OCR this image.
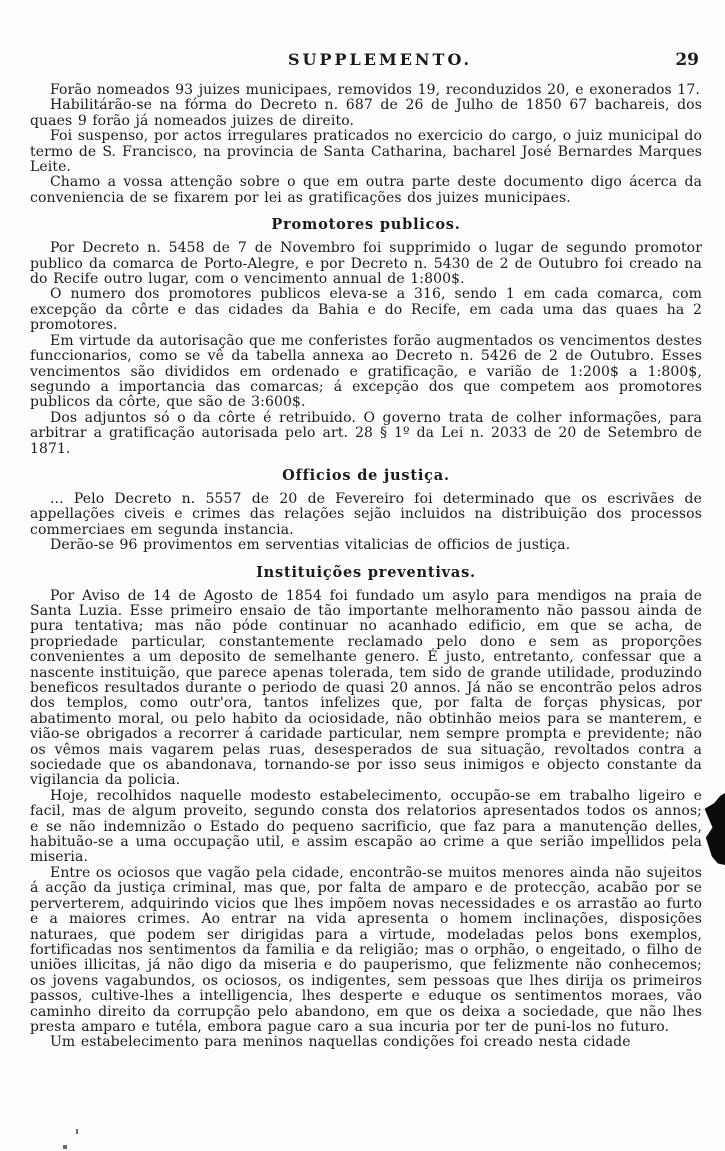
SUPPLEMENTO.	29

Forão nomeados 93 juizes municipaes, removidos 19, reconduzidos 20, e exonerados 17.

Habilitárão-se na fórma do Decreto n. 687 de 26 de Julho de 1850 67 bachareis, dos quaes 9 forão já nomeados juizes de direito.

Foi suspenso, por actos irregulares praticados no exercicio do cargo, o juiz municipal do termo de S. Francisco, na provincia de Santa Catharina, bacharel José Bernardes Marques Leite.

Chamo a vossa attenção sobre o que em outra parte deste documento digo ácerca da conveniencia de se fixarem por lei as gratificações dos juizes municipaes.

Promotores publicos.

Por Decreto n. 5458 de 7 de Novembro foi supprimido o lugar de segundo promotor publico da comarca de Porto-Alegre, e por Decreto n. 5430 de 2 de Outubro foi creado na do Recife outro lugar, com o vencimento annual de 1:800$.

O numero dos promotores publicos eleva-se a 316, sendo 1 em cada comarca, com excepção da côrte e das cidades da Bahia e do Recife, em cada uma das quaes ha 2 promotores.

Em virtude da autorisação que me conferistes forão augmentados os vencimentos destes funccionarios, como se vê da tabella annexa ao Decreto n. 5426 de 2 de Outubro. Esses vencimentos são divididos em ordenado e gratificação, e varião de 1:200$ a 1:800$, segundo a importancia das comarcas; á excepção dos que competem aos promotores publicos da côrte, que são de 3:600$.

Dos adjuntos só o da côrte é retribuido. O governo trata de colher informações, para arbitrar a gratificação autorisada pelo art. 28 § 1º da Lei n. 2033 de 20 de Setembro de 1871.

Officios de justiça.

... Pelo Decreto n. 5557 de 20 de Fevereiro foi determinado que os escrivães de appellações civeis e crimes das relações sejão incluidos na distribuição dos processos commerciaes em segunda instancia.

Derão-se 96 provimentos em serventias vitalicias de officios de justiça.

Instituições preventivas.

Por Aviso de 14 de Agosto de 1854 foi fundado um asylo para mendigos na praia de Santa Luzia. Esse primeiro ensaio de tão importante melhoramento não passou ainda de pura tentativa; mas não póde continuar no acanhado edificio, em que se acha, de propriedade particular, constantemente reclamado pelo dono e sem as proporções convenientes a um deposito de semelhante genero. É justo, entretanto, confessar que a nascente instituição, que parece apenas tolerada, tem sido de grande utilidade, produzindo beneficos resultados durante o periodo de quasi 20 annos. Já não se encontrão pelos adros dos templos, como outr'ora, tantos infelizes que, por falta de forças physicas, por abatimento moral, ou pelo habito da ociosidade, não obtinhão meios para se manterem, e vião-se obrigados a recorrer á caridade particular, nem sempre prompta e previdente; não os vêmos mais vagarem pelas ruas, desesperados de sua situação, revoltados contra a sociedade que os abandonava, tornando-se por isso seus inimigos e objecto constante da vigilancia da policia.

Hoje, recolhidos naquelle modesto estabelecimento, occupão-se em trabalho ligeiro e facil, mas de algum proveito, segundo consta dos relatorios apresentados todos os annos; e se não indemnizão o Estado do pequeno sacrificio, que faz para a manutenção delles, habituão-se a uma occupação util, e assim escapão ao crime a que serião impellidos pela miseria.

Entre os ociosos que vagão pela cidade, encontrão-se muitos menores ainda não sujeitos á acção da justiça criminal, mas que, por falta de amparo e de protecção, acabão por se perverterem, adquirindo vicios que lhes impõem novas necessidades e os arrastão ao furto e a maiores crimes. Ao entrar na vida apresenta o homem inclinações, disposições naturaes, que podem ser dirigidas para a virtude, modeladas pelos bons exemplos, fortificadas nos sentimentos da familia e da religião; mas o orphão, o engeitado, o filho de uniões illicitas, já não digo da miseria e do pauperismo, que felizmente não conhecemos; os jovens vagabundos, os ociosos, os indigentes, sem pessoas que lhes dirija os primeiros passos, cultive-lhes a intelligencia, lhes desperte e eduque os sentimentos moraes, vão caminho direito da corrupção pelo abandono, em que os deixa a sociedade, que não lhes presta amparo e tutéla, embora pague caro a sua incuria por ter de puni-los no futuro.

Um estabelecimento para meninos naquellas condições foi creado nesta cidade
